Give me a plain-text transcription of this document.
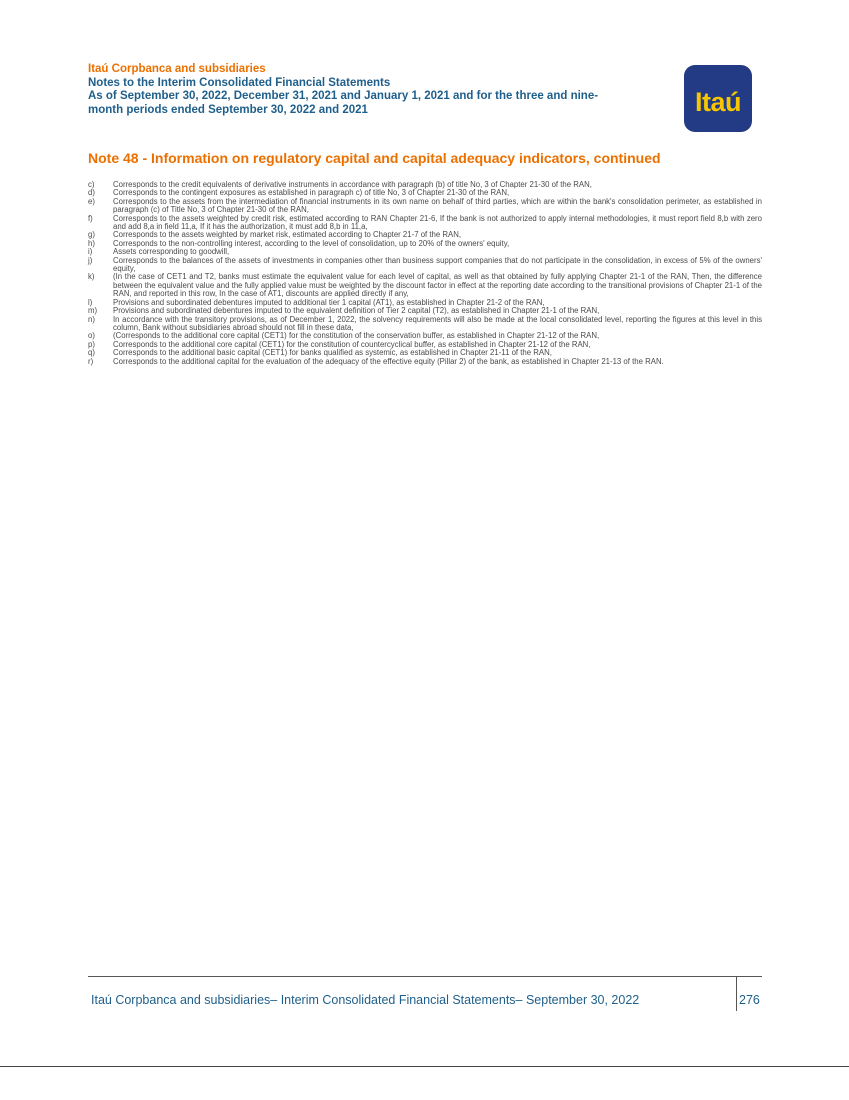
Itaú Corpbanca and subsidiaries
Notes to the Interim Consolidated Financial Statements
As of September 30, 2022, December 31, 2021 and January 1, 2021 and for the three and nine-
month periods ended September 30, 2022 and 2021	Itaú
Note 48 - Information on regulatory capital and capital adequacy indicators, continued
c)	Corresponds to the credit equivalents of derivative instruments in accordance with paragraph (b) of title No, 3 of Chapter 21-30 of the RAN,
d)	Corresponds to the contingent exposures as established in paragraph c) of title No, 3 of Chapter 21-30 of the RAN,
e)	Corresponds to the assets from the intermediation of financial instruments in its own name on behalf of third parties, which are within the bank's consolidation perimeter, as established in paragraph (c) of Title No, 3 of Chapter 21-30 of the RAN,
f)	Corresponds to the assets weighted by credit risk, estimated according to RAN Chapter 21-6, If the bank is not authorized to apply internal methodologies, it must report field 8,b with zero and add 8,a in field 11,a, If it has the authorization, it must add 8,b in 11,a,
g)	Corresponds to the assets weighted by market risk, estimated according to Chapter 21-7 of the RAN,
h)	Corresponds to the non-controlling interest, according to the level of consolidation, up to 20% of the owners' equity,
i)	Assets corresponding to goodwill,
j)	Corresponds to the balances of the assets of investments in companies other than business support companies that do not participate in the consolidation, in excess of 5% of the owners' equity,
k)	(In the case of CET1 and T2, banks must estimate the equivalent value for each level of capital, as well as that obtained by fully applying Chapter 21-1 of the RAN, Then, the difference between the equivalent value and the fully applied value must be weighted by the discount factor in effect at the reporting date according to the transitional provisions of Chapter 21-1 of the RAN, and reported in this row, In the case of AT1, discounts are applied directly if any,
l)	Provisions and subordinated debentures imputed to additional tier 1 capital (AT1), as established in Chapter 21-2 of the RAN,
m)	Provisions and subordinated debentures imputed to the equivalent definition of Tier 2 capital (T2), as established in Chapter 21-1 of the RAN,
n)	In accordance with the transitory provisions, as of December 1, 2022, the solvency requirements will also be made at the local consolidated level, reporting the figures at this level in this column, Bank without subsidiaries abroad should not fill in these data,
o)	(Corresponds to the additional core capital (CET1) for the constitution of the conservation buffer, as established in Chapter 21-12 of the RAN,
p)	Corresponds to the additional core capital (CET1) for the constitution of countercyclical buffer, as established in Chapter 21-12 of the RAN,
q)	Corresponds to the additional basic capital (CET1) for banks qualified as systemic, as established in Chapter 21-11 of the RAN,
r)	Corresponds to the additional capital for the evaluation of the adequacy of the effective equity (Pillar 2) of the bank, as established in Chapter 21-13 of the RAN.
Itaú Corpbanca and subsidiaries– Interim Consolidated Financial Statements– September 30, 2022	276
